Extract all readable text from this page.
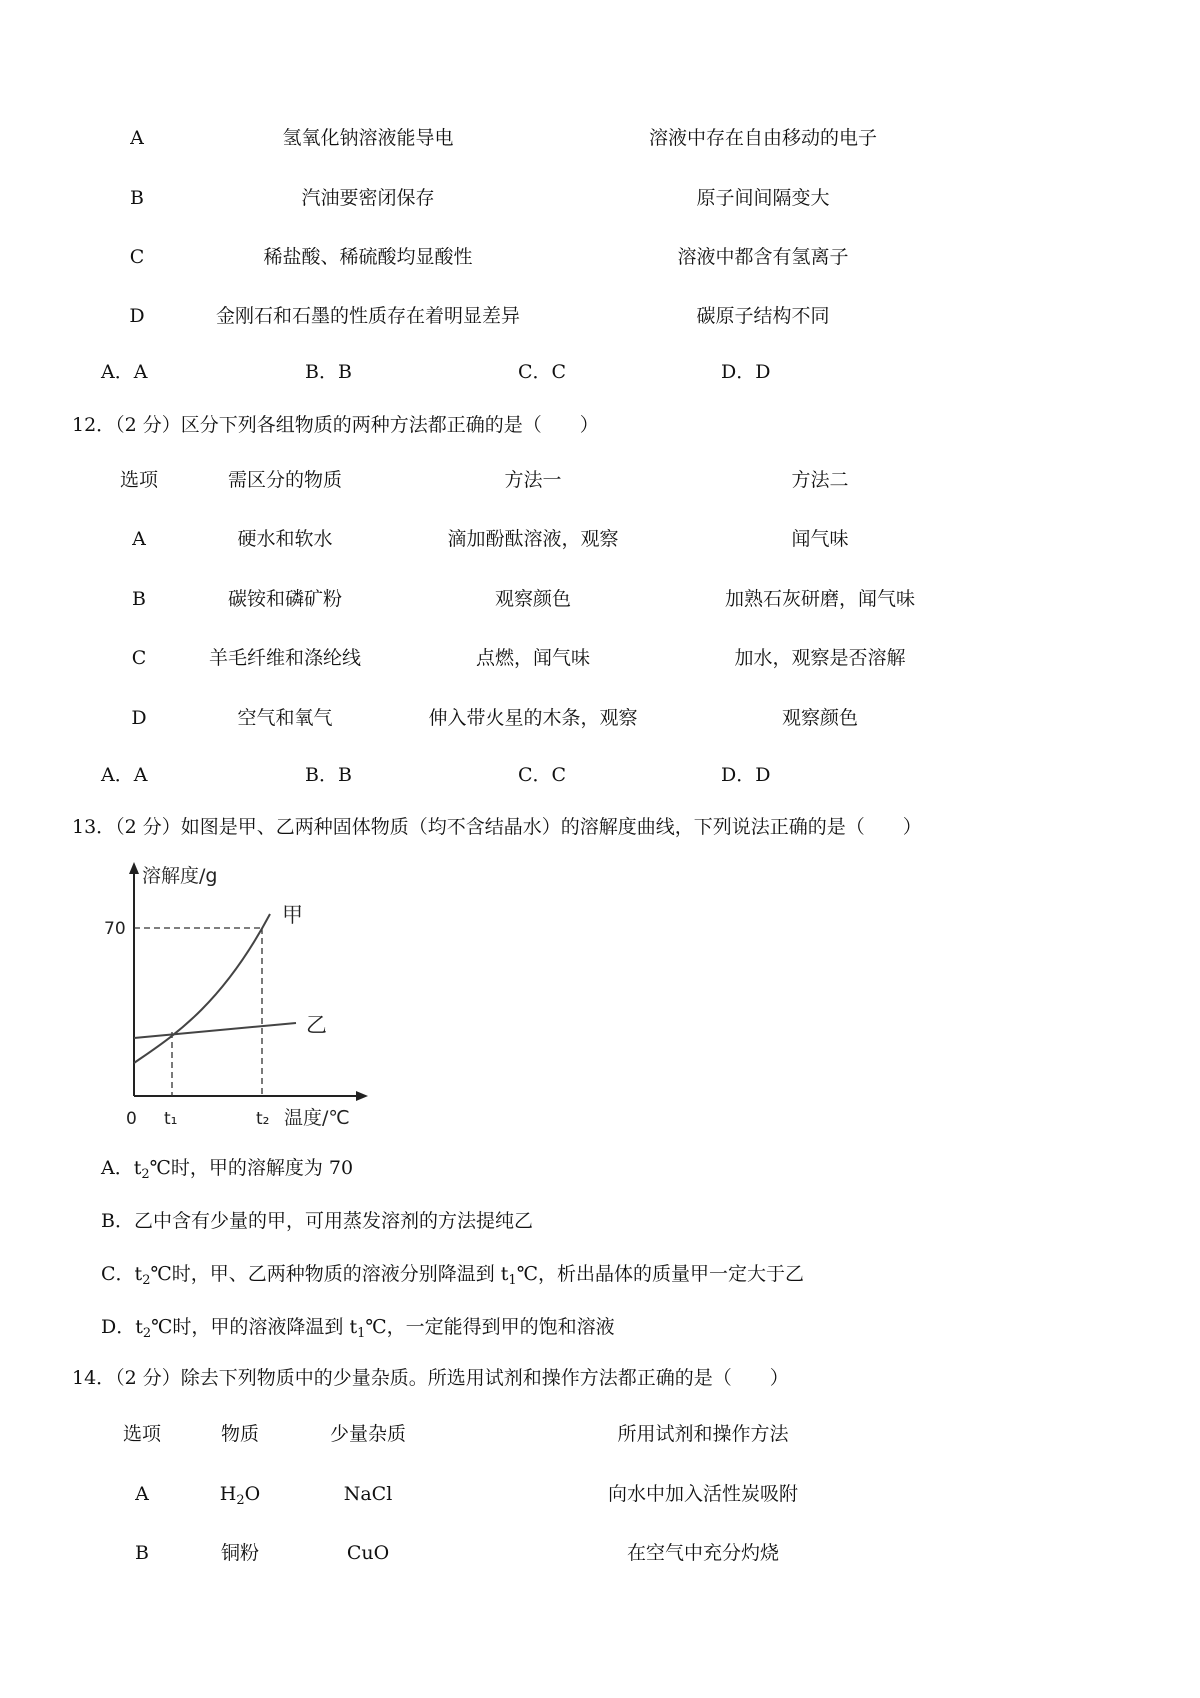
A	氢氧化钠溶液能导电	溶液中存在自由移动的电子
B	汽油要密闭保存	原子间间隔变大
C	稀盐酸、稀硫酸均显酸性	溶液中都含有氢离子
D	金刚石和石墨的性质存在着明显差异	碳原子结构不同
A．A	B．B	C．C	D．D
12．（2 分）区分下列各组物质的两种方法都正确的是（　　）
选项	需区分的物质	方法一	方法二
A	硬水和软水	滴加酚酞溶液，观察	闻气味
B	碳铵和磷矿粉	观察颜色	加熟石灰研磨，闻气味
C	羊毛纤维和涤纶线	点燃，闻气味	加水，观察是否溶解
D	空气和氧气	伸入带火星的木条，观察	观察颜色
A．A	B．B	C．C	D．D
13．（2 分）如图是甲、乙两种固体物质（均不含结晶水）的溶解度曲线，下列说法正确的是（　　）
溶解度/g
温度/℃
70
0 t₁	t₂
甲
乙
A．$t_2℃$时，甲的溶解度为 70
B．乙中含有少量的甲，可用蒸发溶剂的方法提纯乙
C．$t_2℃$时，甲、乙两种物质的溶液分别降温到 $t_1℃$，析出晶体的质量甲一定大于乙
D．$t_2℃$时，甲的溶液降温到 $t_1℃$，一定能得到甲的饱和溶液
14．（2 分）除去下列物质中的少量杂质。所选用试剂和操作方法都正确的是（　　）
选项	物质	少量杂质	所用试剂和操作方法
A	$H_2O$	NaCl	向水中加入活性炭吸附
B	铜粉	CuO	在空气中充分灼烧
